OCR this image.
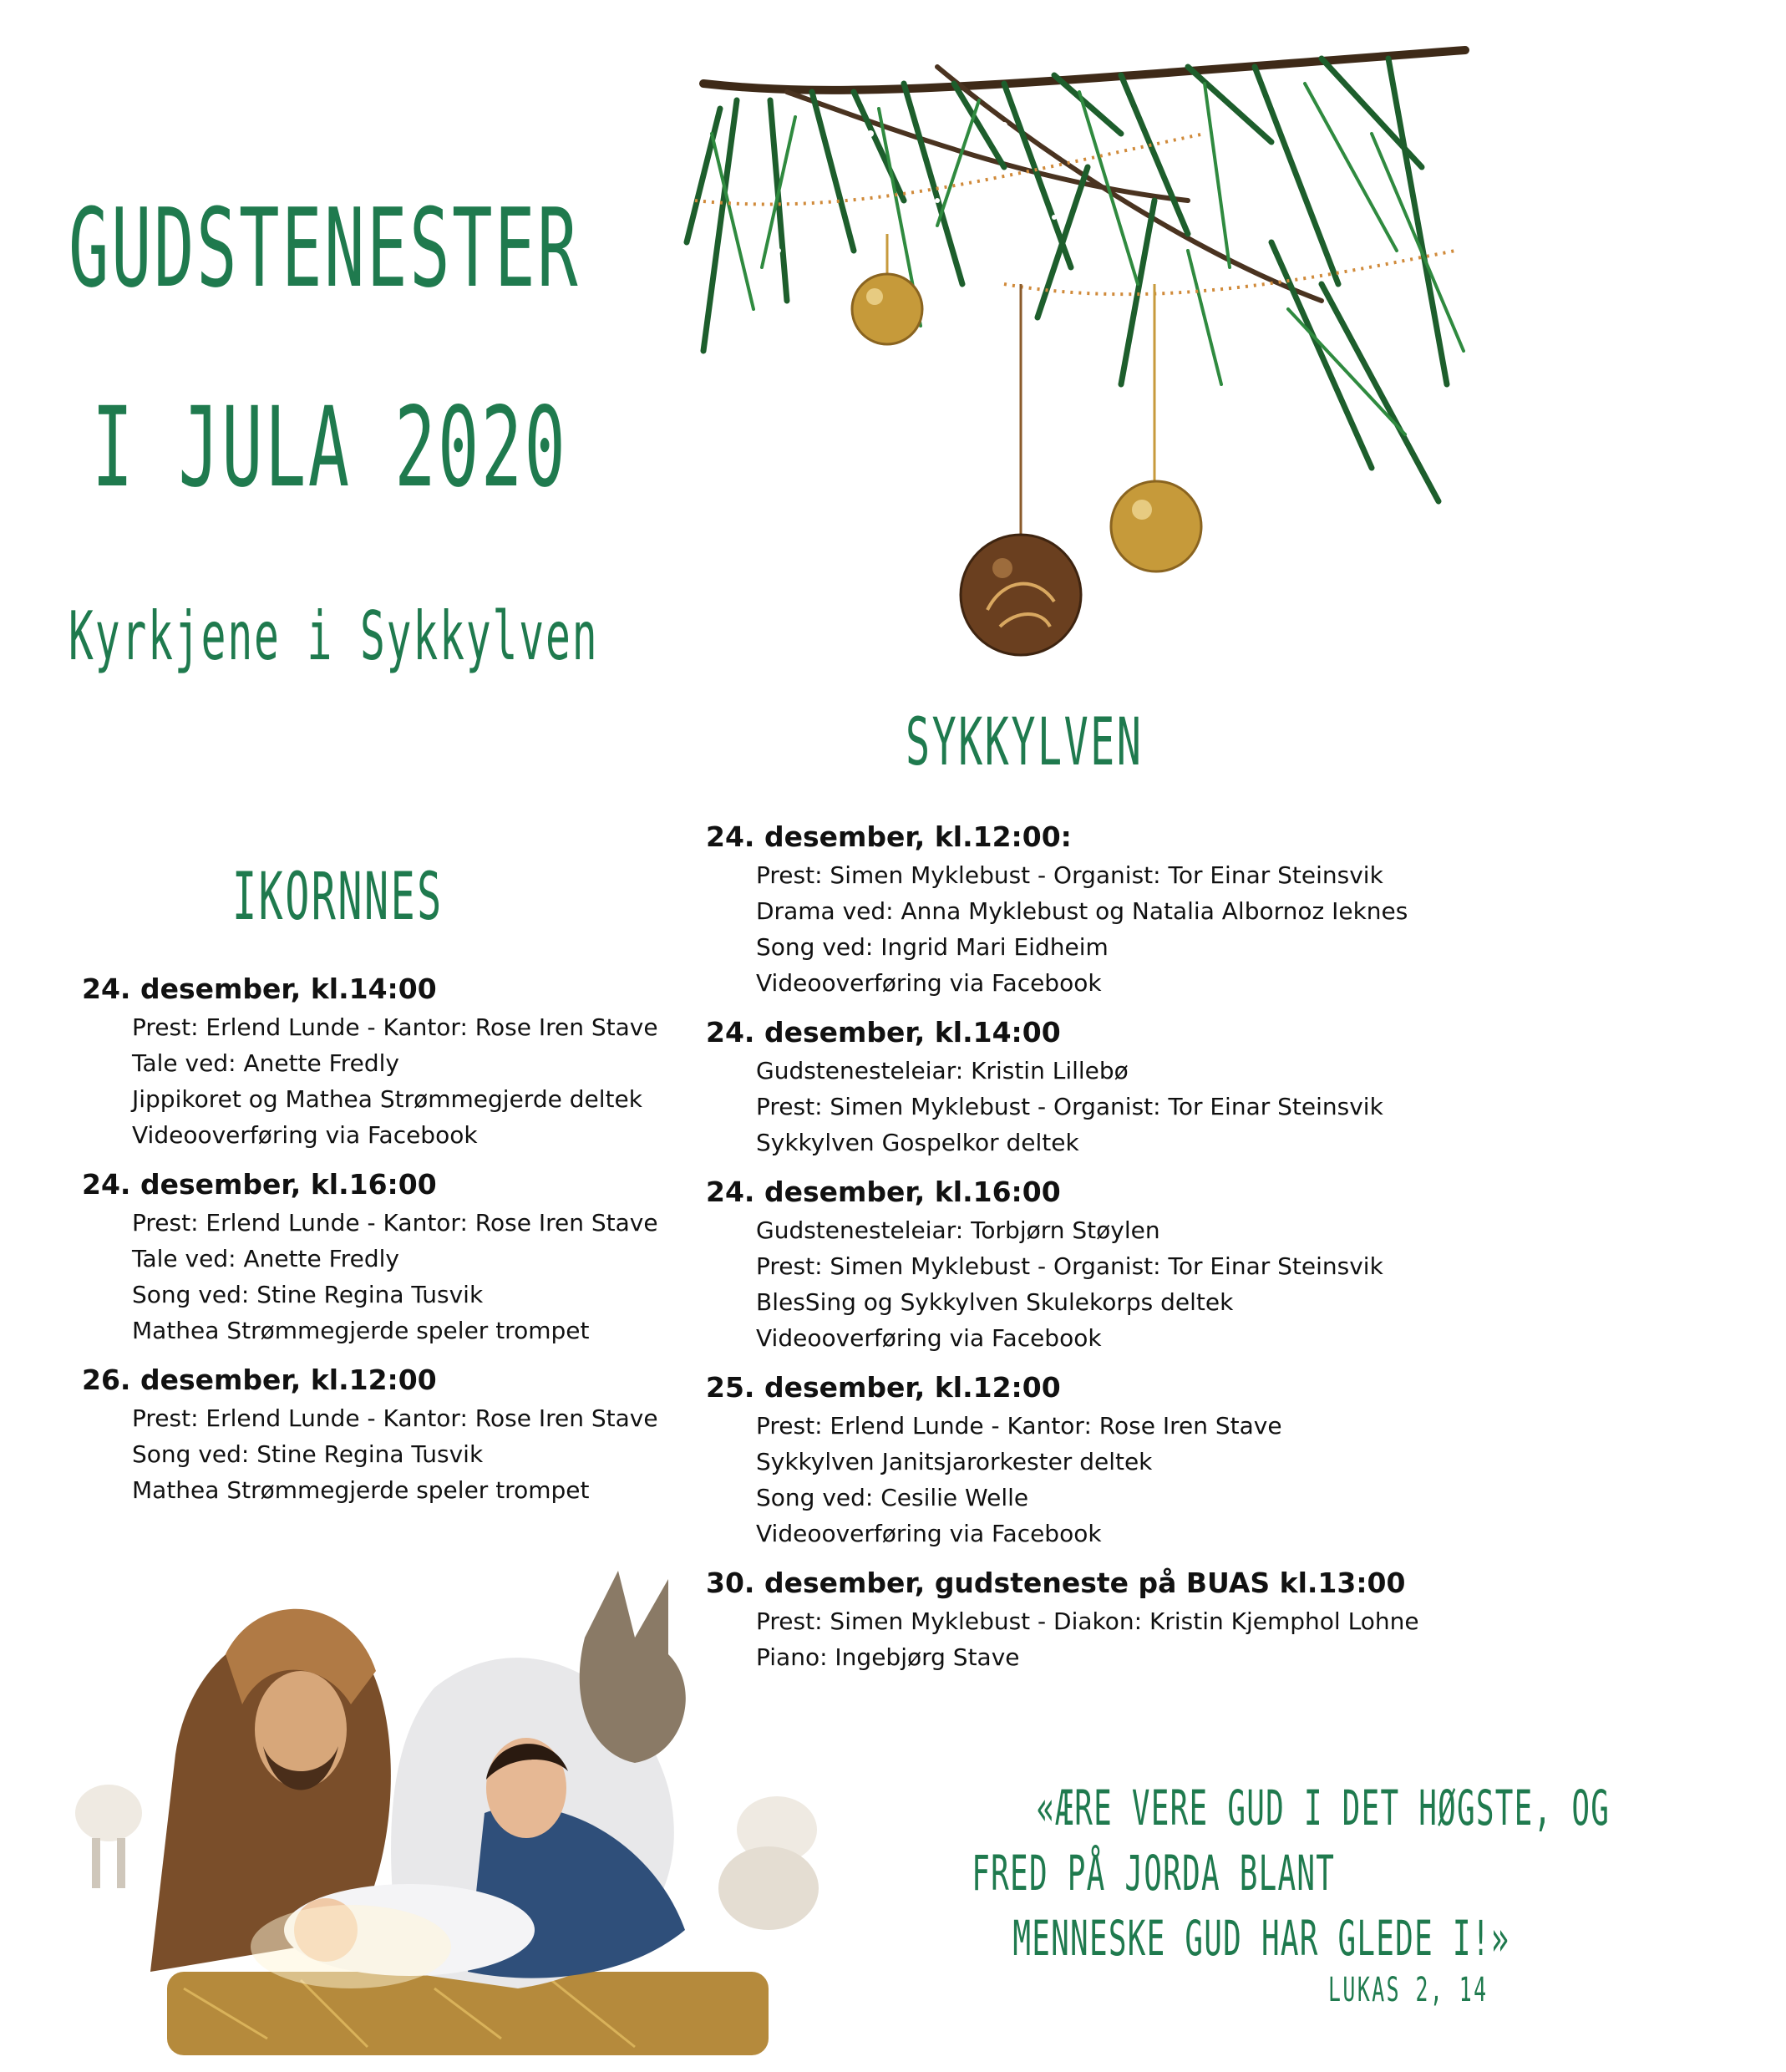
GUDSTENESTER
I JULA 2020
Kyrkjene i Sykkylven
IKORNNES
SYKKYLVEN
24. desember, kl.14:00
Prest: Erlend Lunde - Kantor: Rose Iren Stave
Tale ved: Anette Fredly
Jippikoret og Mathea Strømmegjerde deltek
Videooverføring via Facebook
24. desember, kl.16:00
Prest: Erlend Lunde - Kantor: Rose Iren Stave
Tale ved: Anette Fredly
Song ved: Stine Regina Tusvik
Mathea Strømmegjerde speler trompet
26. desember, kl.12:00
Prest: Erlend Lunde - Kantor: Rose Iren Stave
Song ved: Stine Regina Tusvik
Mathea Strømmegjerde speler trompet
24. desember, kl.12:00:
Prest: Simen Myklebust - Organist: Tor Einar Steinsvik
Drama ved: Anna Myklebust og Natalia Albornoz Ieknes
Song ved: Ingrid Mari Eidheim
Videooverføring via Facebook
24. desember, kl.14:00
Gudstenesteleiar: Kristin Lillebø
Prest: Simen Myklebust - Organist: Tor Einar Steinsvik
Sykkylven Gospelkor deltek
24. desember, kl.16:00
Gudstenesteleiar: Torbjørn Støylen
Prest: Simen Myklebust - Organist: Tor Einar Steinsvik
BlesSing og Sykkylven Skulekorps deltek
Videooverføring via Facebook
25. desember, kl.12:00
Prest: Erlend Lunde - Kantor: Rose Iren Stave
Sykkylven Janitsjarorkester deltek
Song ved: Cesilie Welle
Videooverføring via Facebook
30. desember, gudsteneste på BUAS kl.13:00
Prest: Simen Myklebust - Diakon: Kristin Kjemphol Lohne
Piano: Ingebjørg Stave
«ÆRE VERE GUD I DET HØGSTE, OG
FRED PÅ JORDA BLANT
MENNESKE GUD HAR GLEDE I!»
LUKAS 2, 14
